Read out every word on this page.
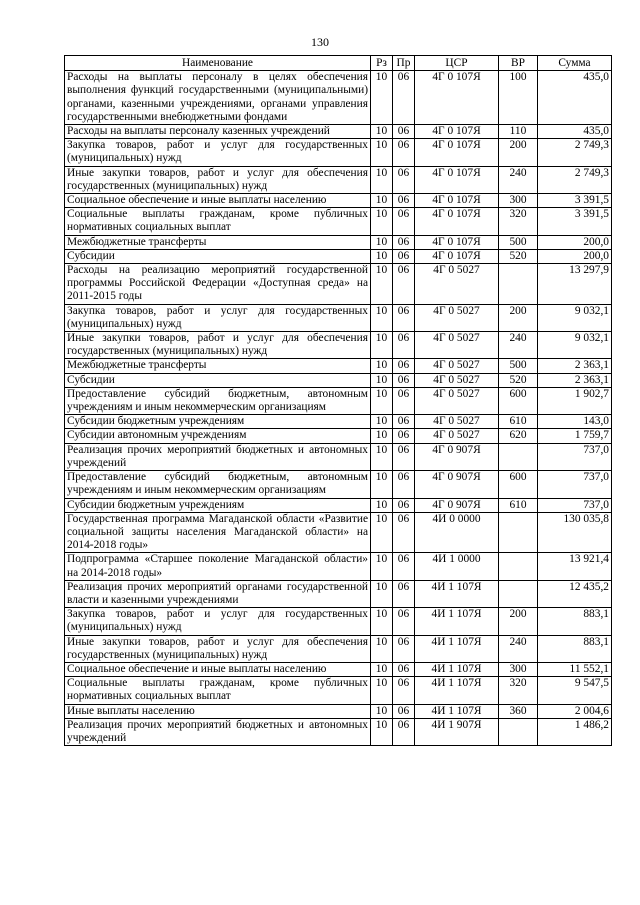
130
Наименование	Рз	Пр	ЦСР	ВР	Сумма
Расходы на выплаты персоналу в целях обеспечения выполнения функций государственными (муниципальными) органами, казенными учреждениями, органами управления государственными внебюджетными фондами	10	06	4Г 0 107Я	100	435,0
Расходы на выплаты персоналу казенных учреждений	10	06	4Г 0 107Я	110	435,0
Закупка товаров, работ и услуг для государственных (муниципальных) нужд	10	06	4Г 0 107Я	200	2 749,3
Иные закупки товаров, работ и услуг для обеспечения государственных (муниципальных) нужд	10	06	4Г 0 107Я	240	2 749,3
Социальное обеспечение и иные выплаты населению	10	06	4Г 0 107Я	300	3 391,5
Социальные выплаты гражданам, кроме публичных нормативных социальных выплат	10	06	4Г 0 107Я	320	3 391,5
Межбюджетные трансферты	10	06	4Г 0 107Я	500	200,0
Субсидии	10	06	4Г 0 107Я	520	200,0
Расходы на реализацию мероприятий государственной программы Российской Федерации «Доступная среда» на 2011-2015 годы	10	06	4Г 0 5027		13 297,9
Закупка товаров, работ и услуг для государственных (муниципальных) нужд	10	06	4Г 0 5027	200	9 032,1
Иные закупки товаров, работ и услуг для обеспечения государственных (муниципальных) нужд	10	06	4Г 0 5027	240	9 032,1
Межбюджетные трансферты	10	06	4Г 0 5027	500	2 363,1
Субсидии	10	06	4Г 0 5027	520	2 363,1
Предоставление субсидий бюджетным, автономным учреждениям и иным некоммерческим организациям	10	06	4Г 0 5027	600	1 902,7
Субсидии бюджетным учреждениям	10	06	4Г 0 5027	610	143,0
Субсидии автономным учреждениям	10	06	4Г 0 5027	620	1 759,7
Реализация прочих мероприятий бюджетных и автономных учреждений	10	06	4Г 0 907Я		737,0
Предоставление субсидий бюджетным, автономным учреждениям и иным некоммерческим организациям	10	06	4Г 0 907Я	600	737,0
Субсидии бюджетным учреждениям	10	06	4Г 0 907Я	610	737,0
Государственная программа Магаданской области «Развитие социальной защиты населения Магаданской области» на 2014-2018 годы»	10	06	4И 0 0000		130 035,8
Подпрограмма «Старшее поколение Магаданской области» на 2014-2018 годы»	10	06	4И 1 0000		13 921,4
Реализация прочих мероприятий органами государственной власти и казенными учреждениями	10	06	4И 1 107Я		12 435,2
Закупка товаров, работ и услуг для государственных (муниципальных) нужд	10	06	4И 1 107Я	200	883,1
Иные закупки товаров, работ и услуг для обеспечения государственных (муниципальных) нужд	10	06	4И 1 107Я	240	883,1
Социальное обеспечение и иные выплаты населению	10	06	4И 1 107Я	300	11 552,1
Социальные выплаты гражданам, кроме публичных нормативных социальных выплат	10	06	4И 1 107Я	320	9 547,5
Иные выплаты населению	10	06	4И 1 107Я	360	2 004,6
Реализация прочих мероприятий бюджетных и автономных учреждений	10	06	4И 1 907Я		1 486,2
